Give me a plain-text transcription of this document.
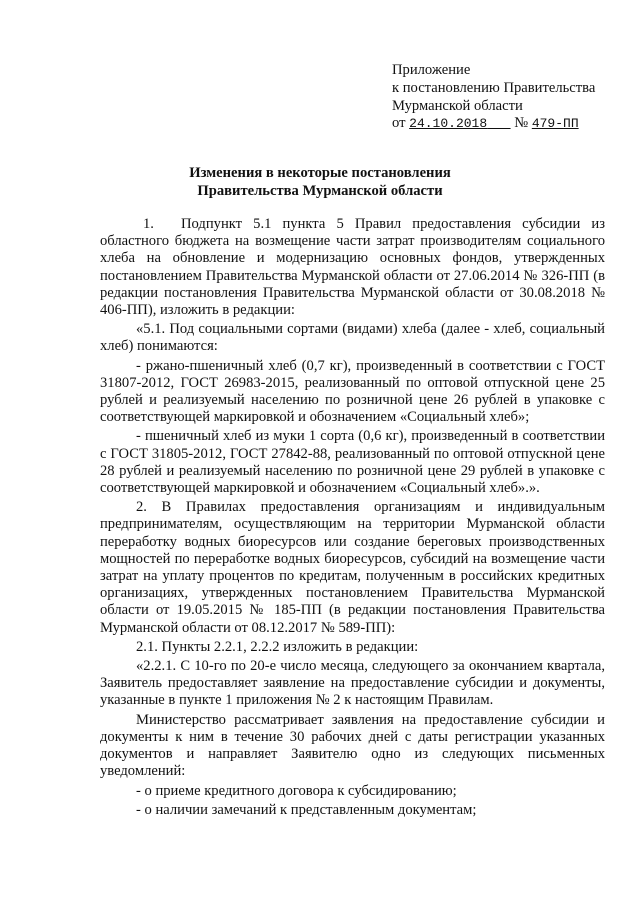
Приложение
к постановлению Правительства
Мурманской области
от 24.10.2018 № 479-ПП
Изменения в некоторые постановления
Правительства Мурманской области

1. Подпункт 5.1 пункта 5 Правил предоставления субсидии из областного бюджета на возмещение части затрат производителям социального хлеба на обновление и модернизацию основных фондов, утвержденных постановлением Правительства Мурманской области от 27.06.2014 № 326-ПП (в редакции постановления Правительства Мурманской области от 30.08.2018 № 406-ПП), изложить в редакции:

«5.1. Под социальными сортами (видами) хлеба (далее - хлеб, социальный хлеб) понимаются:

- ржано-пшеничный хлеб (0,7 кг), произведенный в соответствии с ГОСТ 31807-2012, ГОСТ 26983-2015, реализованный по оптовой отпускной цене 25 рублей и реализуемый населению по розничной цене 26 рублей в упаковке с соответствующей маркировкой и обозначением «Социальный хлеб»;

- пшеничный хлеб из муки 1 сорта (0,6 кг), произведенный в соответствии с ГОСТ 31805-2012, ГОСТ 27842-88, реализованный по оптовой отпускной цене 28 рублей и реализуемый населению по розничной цене 29 рублей в упаковке с соответствующей маркировкой и обозначением «Социальный хлеб».».

2. В Правилах предоставления организациям и индивидуальным предпринимателям, осуществляющим на территории Мурманской области переработку водных биоресурсов или создание береговых производственных мощностей по переработке водных биоресурсов, субсидий на возмещение части затрат на уплату процентов по кредитам, полученным в российских кредитных организациях, утвержденных постановлением Правительства Мурманской области от 19.05.2015 № 185-ПП (в редакции постановления Правительства Мурманской области от 08.12.2017 № 589-ПП):

2.1. Пункты 2.2.1, 2.2.2 изложить в редакции:

«2.2.1. С 10-го по 20-е число месяца, следующего за окончанием квартала, Заявитель предоставляет заявление на предоставление субсидии и документы, указанные в пункте 1 приложения № 2 к настоящим Правилам.

Министерство рассматривает заявления на предоставление субсидии и документы к ним в течение 30 рабочих дней с даты регистрации указанных документов и направляет Заявителю одно из следующих письменных уведомлений:

- о приеме кредитного договора к субсидированию;

- о наличии замечаний к представленным документам;
